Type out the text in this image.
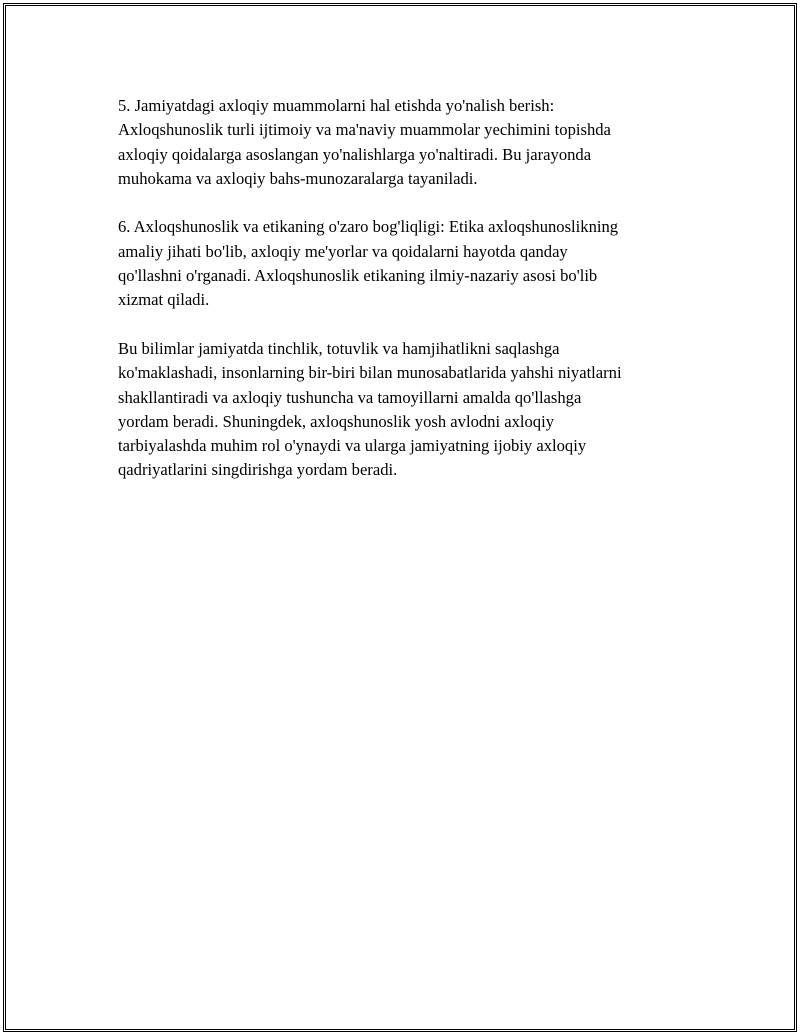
5. Jamiyatdagi axloqiy muammolarni hal etishda yo'nalish berish:
Axloqshunoslik turli ijtimoiy va ma'naviy muammolar yechimini topishda
axloqiy qoidalarga asoslangan yo'nalishlarga yo'naltiradi. Bu jarayonda
muhokama va axloqiy bahs-munozaralarga tayaniladi.

6. Axloqshunoslik va etikaning o'zaro bog'liqligi: Etika axloqshunoslikning
amaliy jihati bo'lib, axloqiy me'yorlar va qoidalarni hayotda qanday
qo'llashni o'rganadi. Axloqshunoslik etikaning ilmiy-nazariy asosi bo'lib
xizmat qiladi.

Bu bilimlar jamiyatda tinchlik, totuvlik va hamjihatlikni saqlashga
ko'maklashadi, insonlarning bir-biri bilan munosabatlarida yahshi niyatlarni
shakllantiradi va axloqiy tushuncha va tamoyillarni amalda qo'llashga
yordam beradi. Shuningdek, axloqshunoslik yosh avlodni axloqiy
tarbiyalashda muhim rol o'ynaydi va ularga jamiyatning ijobiy axloqiy
qadriyatlarini singdirishga yordam beradi.
